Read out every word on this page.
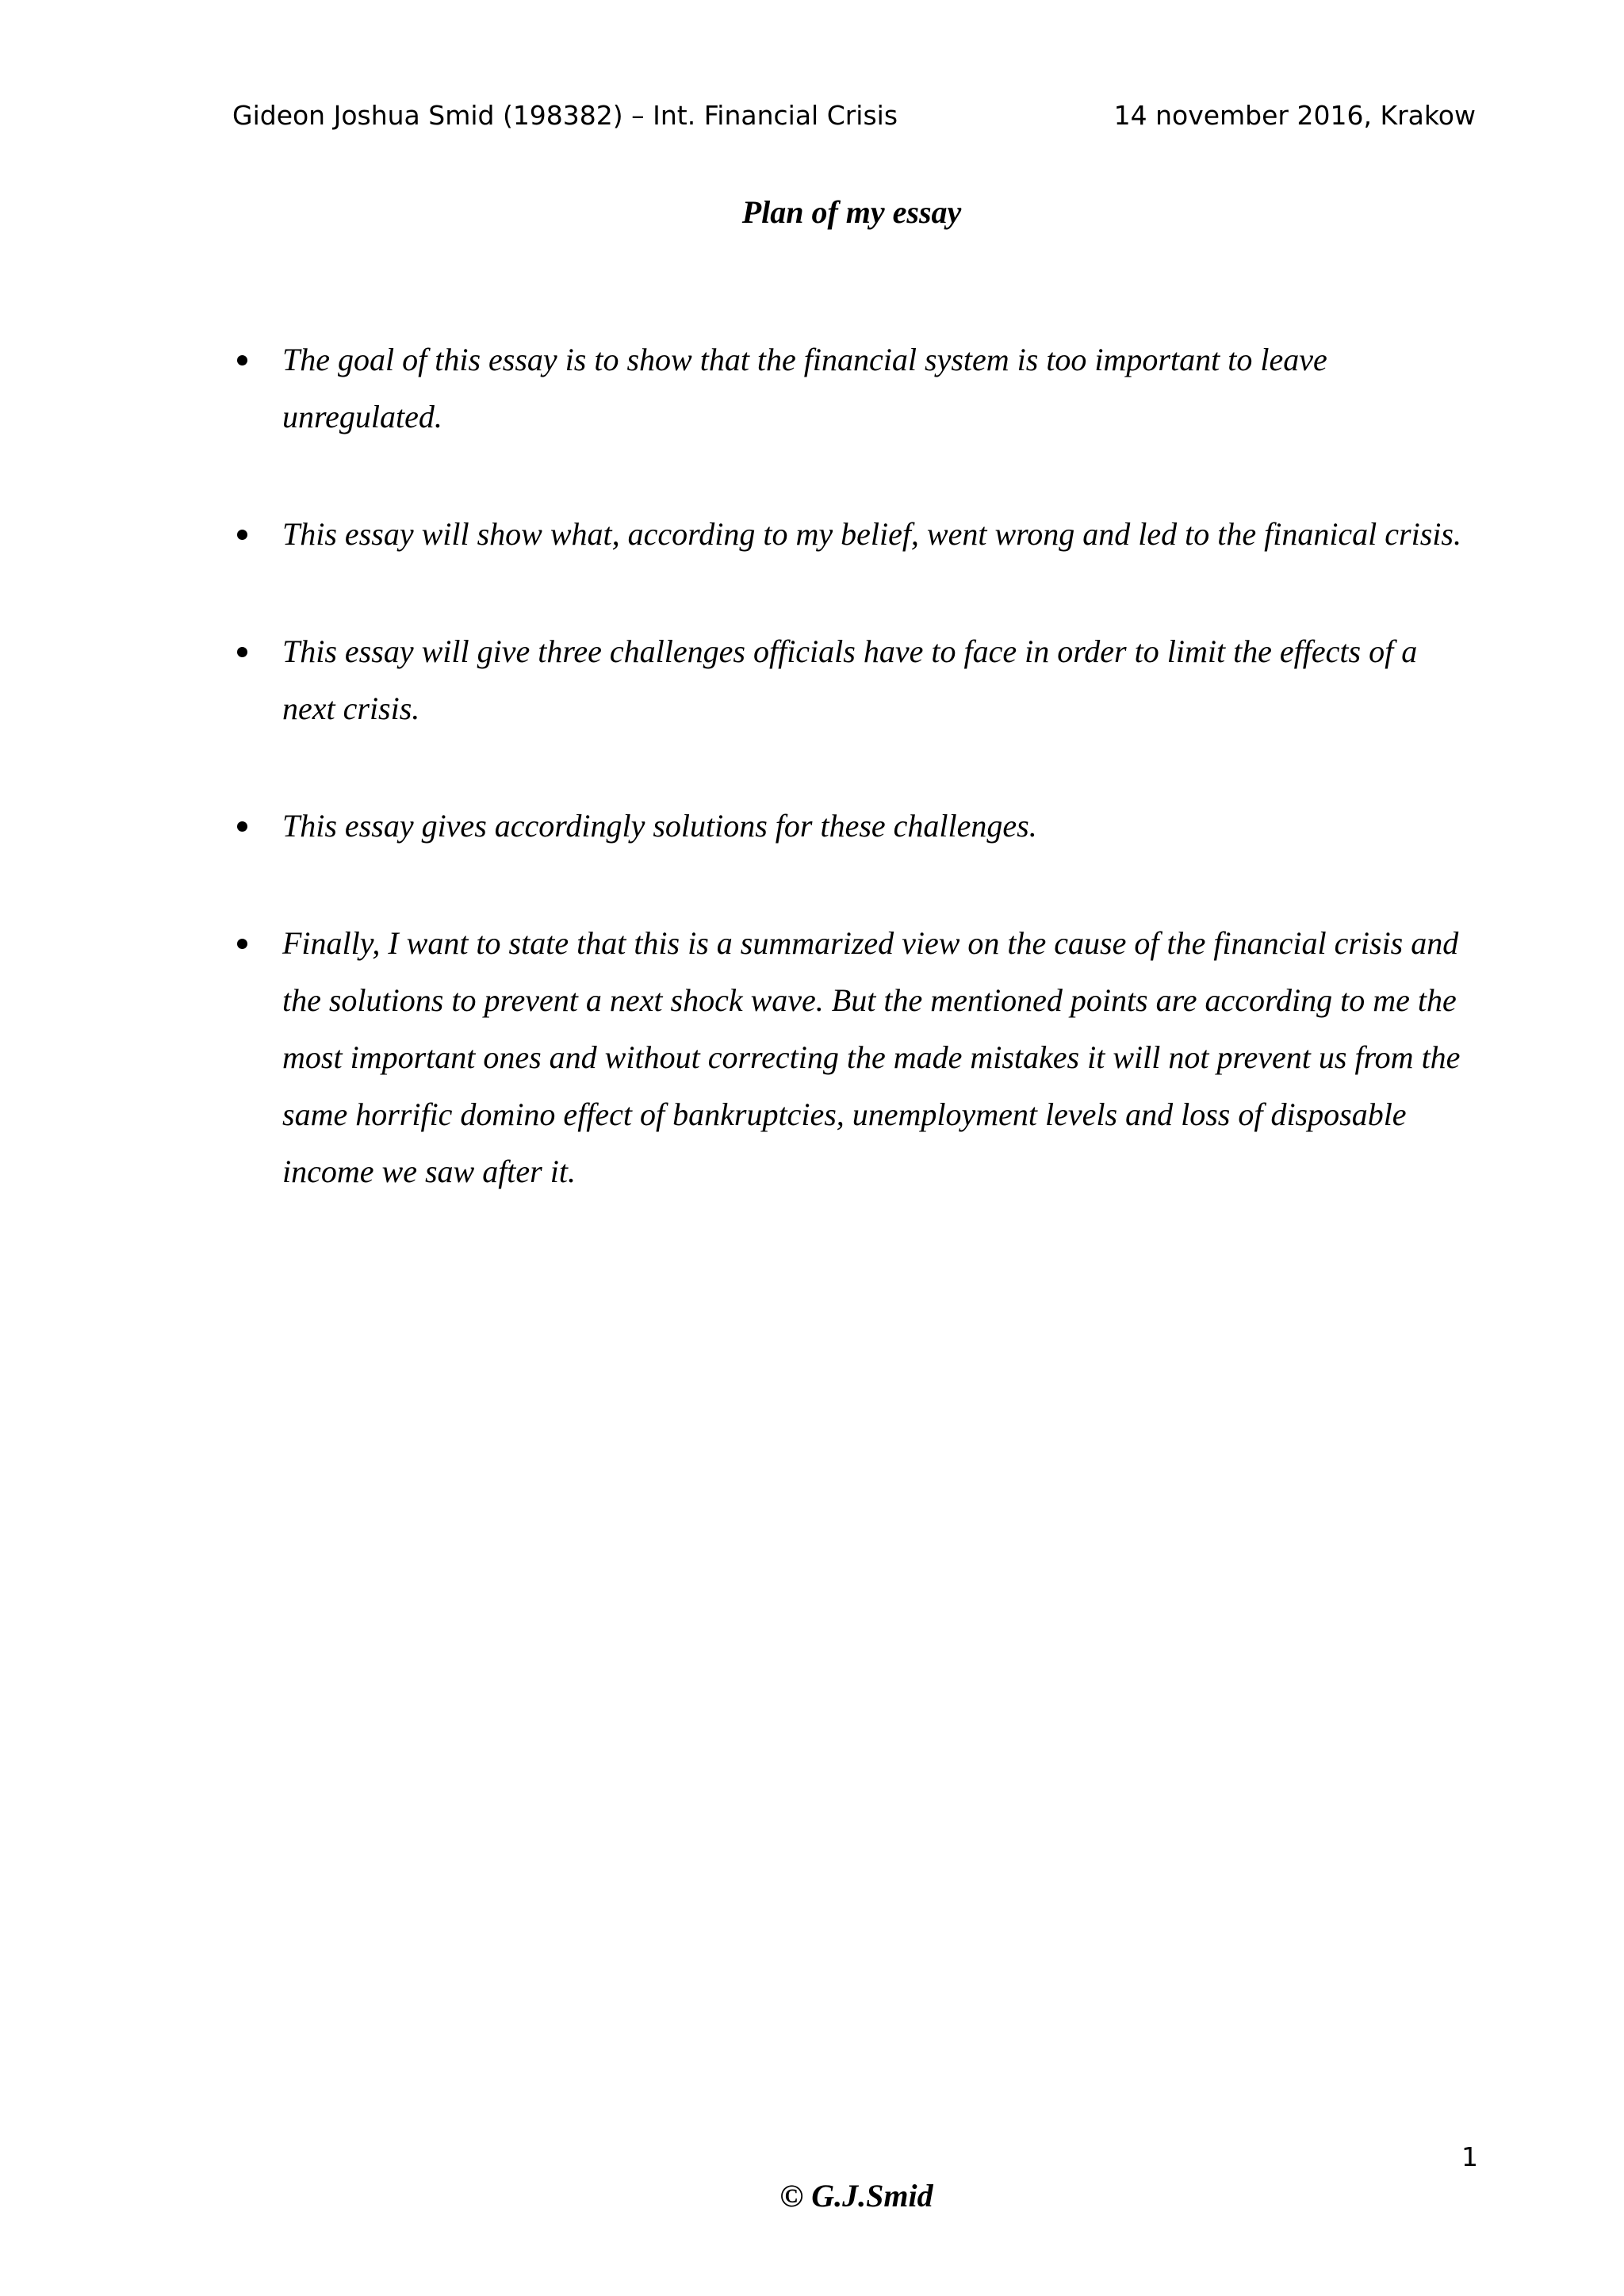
Gideon Joshua Smid (198382) – Int. Financial Crisis	14 november 2016, Krakow
Plan of my essay
The goal of this essay is to show that the financial system is too important to leave unregulated.
This essay will show what, according to my belief, went wrong and led to the finanical crisis.
This essay will give three challenges officials have to face in order to limit the effects of a next crisis.
This essay gives accordingly solutions for these challenges.
Finally, I want to state that this is a summarized view on the cause of the financial crisis and the solutions to prevent a next shock wave. But the mentioned points are according to me the most important ones and without correcting the made mistakes it will not prevent us from the same horrific domino effect of bankruptcies, unemployment levels and loss of disposable income we saw after it.
1
© G.J.Smid
